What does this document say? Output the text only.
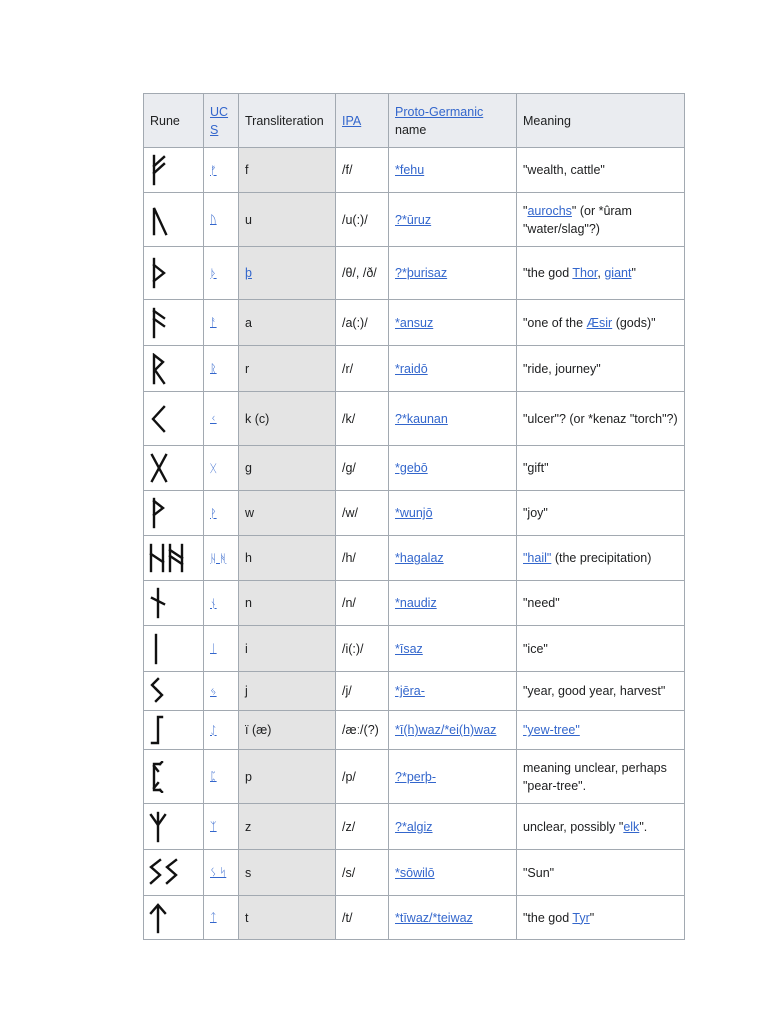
Rune	UCS	Transliteration	IPA	Proto-Germanic name	Meaning

	ᚠ	f	/f/	*fehu	"wealth, cattle"

	ᚢ	u	/u(:)/	?*ūruz	"aurochs" (or *ûram "water/slag"?)

	ᚦ	þ	/θ/, /ð/	?*þurisaz	"the god Thor, giant"

	ᚨ	a	/a(:)/	*ansuz	"one of the Æsir (gods)"

	ᚱ	r	/r/	*raidō	"ride, journey"

	ᚲ	k (c)	/k/	?*kaunan	"ulcer"? (or *kenaz "torch"?)

	ᚷ	g	/g/	*gebō	"gift"

	ᚹ	w	/w/	*wunjō	"joy"

	ᚺ ᚻ	h	/h/	*hagalaz	"hail" (the precipitation)

	ᚾ	n	/n/	*naudiz	"need"

	ᛁ	i	/i(:)/	*īsaz	"ice"

	ᛃ	j	/j/	*jēra-	"year, good year, harvest"

	ᛇ	ï (æ)	/æː/(?)	*ī(h)waz/*ei(h)waz	"yew-tree"

	ᛈ	p	/p/	?*perþ-	meaning unclear, perhaps "pear-tree".

	ᛉ	z	/z/	?*algiz	unclear, possibly "elk".

	ᛊ ᛋ	s	/s/	*sōwilō	"Sun"

	ᛏ	t	/t/	*tīwaz/*teiwaz	"the god Tyr"
